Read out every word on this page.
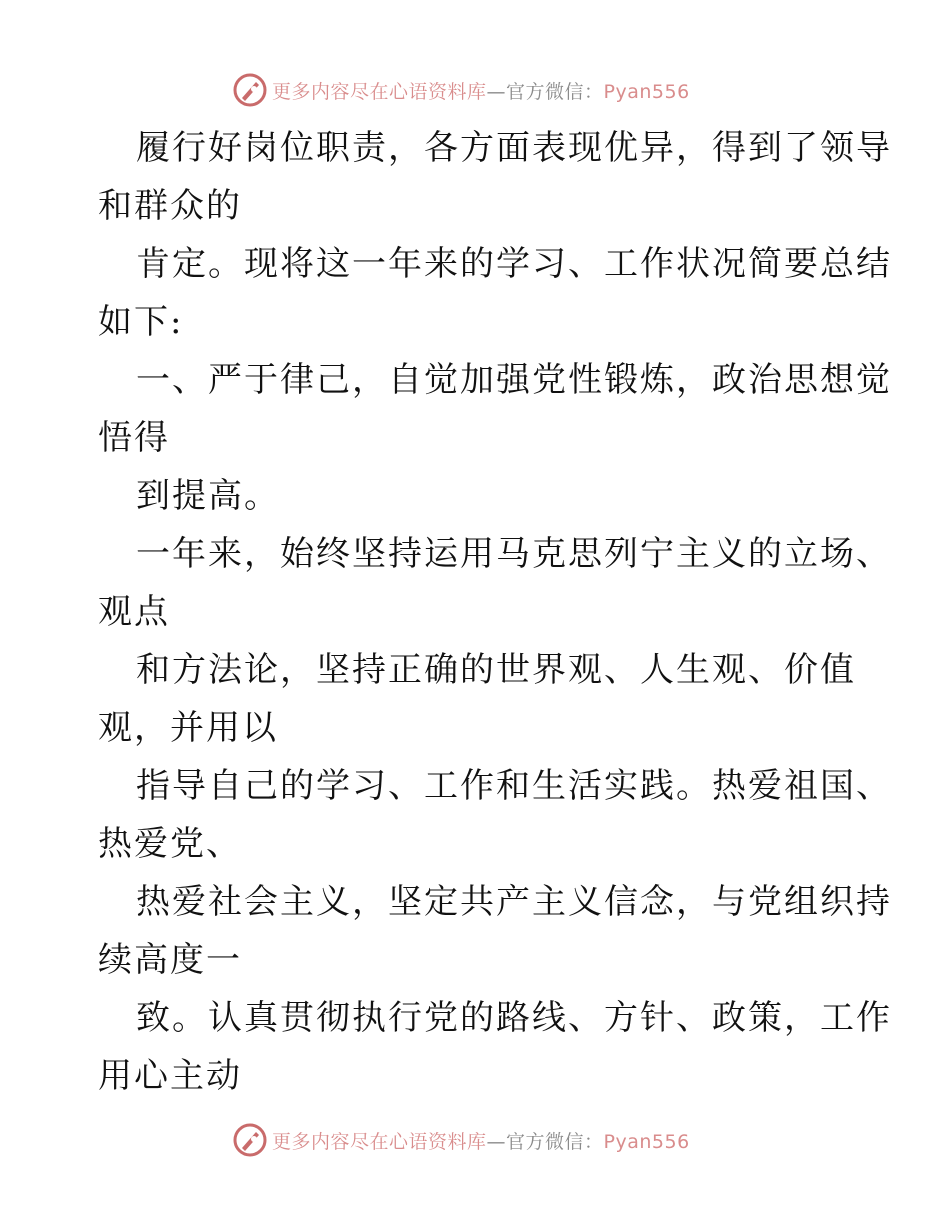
更多内容尽在心语资料库—官方微信：Pyan556
履行好岗位职责，各方面表现优异，得到了领导
和群众的
肯定。现将这一年来的学习、工作状况简要总结
如下:
一、严于律己，自觉加强党性锻炼，政治思想觉
悟得
到提高。
一年来，始终坚持运用马克思列宁主义的立场、
观点
和方法论，坚持正确的世界观、人生观、价值
观，并用以
指导自己的学习、工作和生活实践。热爱祖国、
热爱党、
热爱社会主义，坚定共产主义信念，与党组织持
续高度一
致。认真贯彻执行党的路线、方针、政策，工作
用心主动
更多内容尽在心语资料库—官方微信：Pyan556
